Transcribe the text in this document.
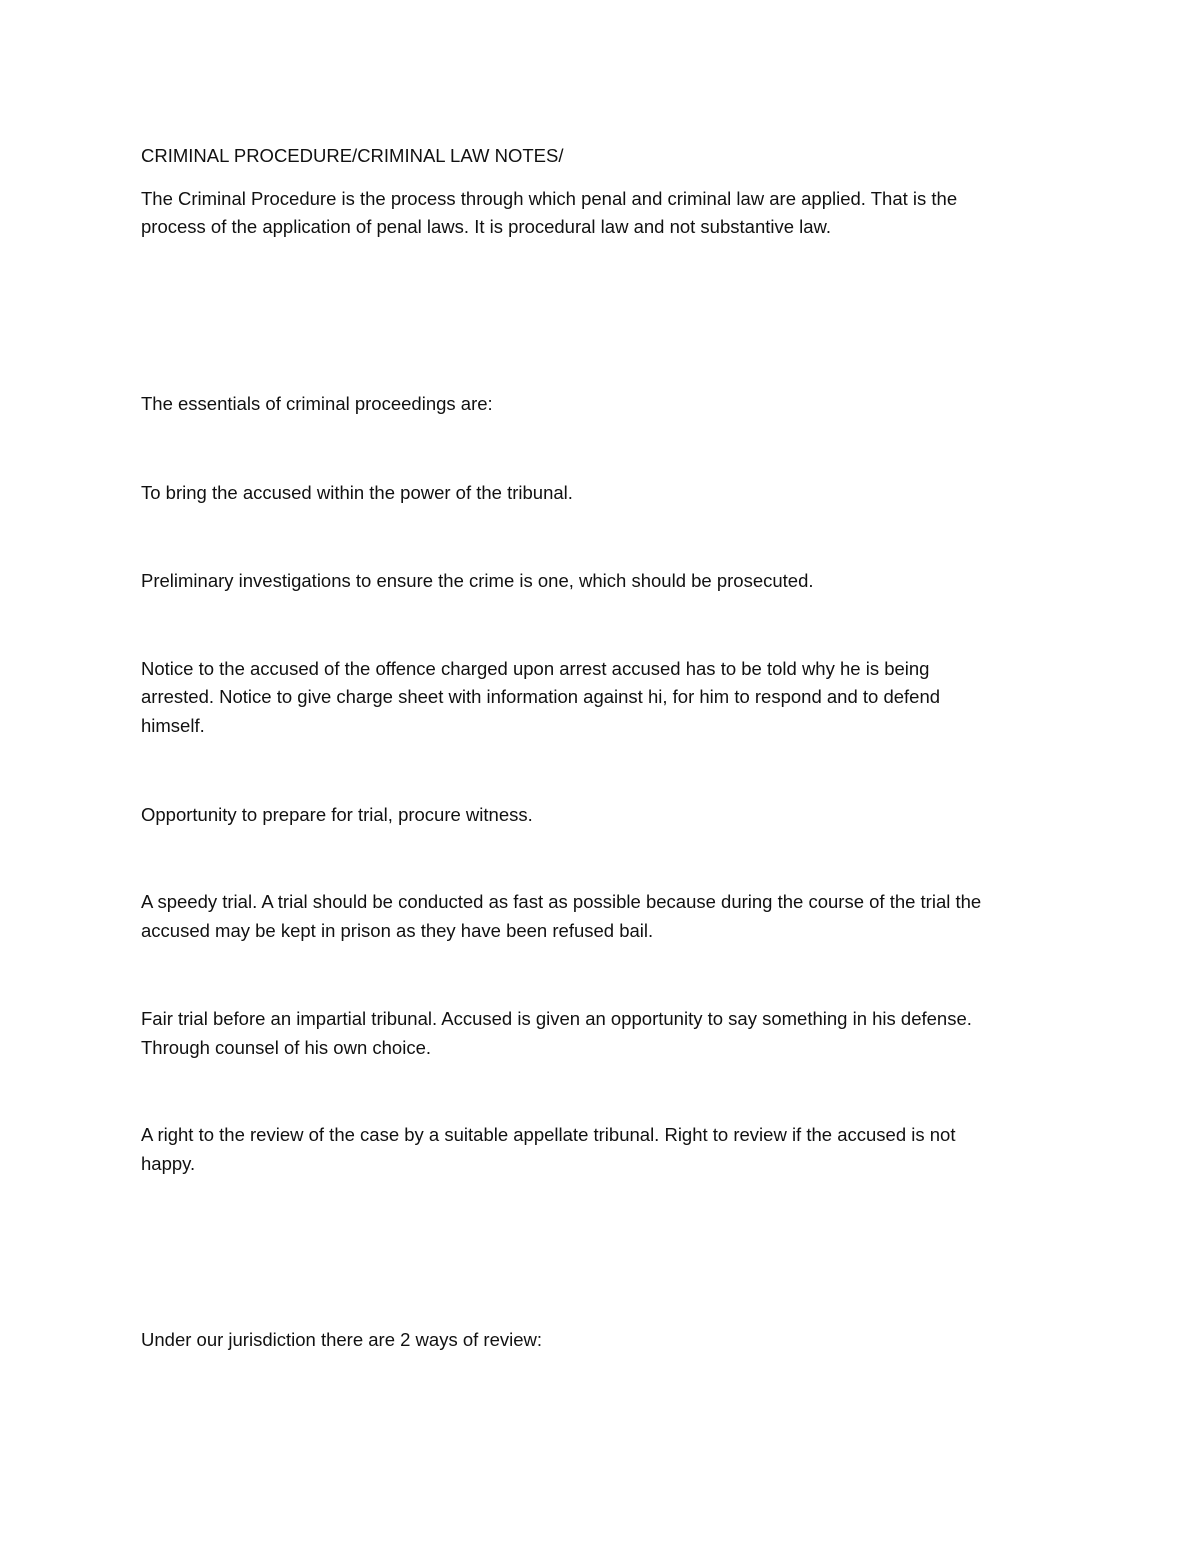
CRIMINAL PROCEDURE/CRIMINAL LAW NOTES/

The Criminal Procedure is the process through which penal and criminal law are applied. That is the

process of the application of penal laws. It is procedural law and not substantive law.

The essentials of criminal proceedings are:

To bring the accused within the power of the tribunal.

Preliminary investigations to ensure the crime is one, which should be prosecuted.

Notice to the accused of the offence charged upon arrest accused has to be told why he is being

arrested. Notice to give charge sheet with information against hi, for him to respond and to defend

himself.

Opportunity to prepare for trial, procure witness.

A speedy trial. A trial should be conducted as fast as possible because during the course of the trial the

accused may be kept in prison as they have been refused bail.

Fair trial before an impartial tribunal. Accused is given an opportunity to say something in his defense.

Through counsel of his own choice.

A right to the review of the case by a suitable appellate tribunal. Right to review if the accused is not

happy.

Under our jurisdiction there are 2 ways of review:
